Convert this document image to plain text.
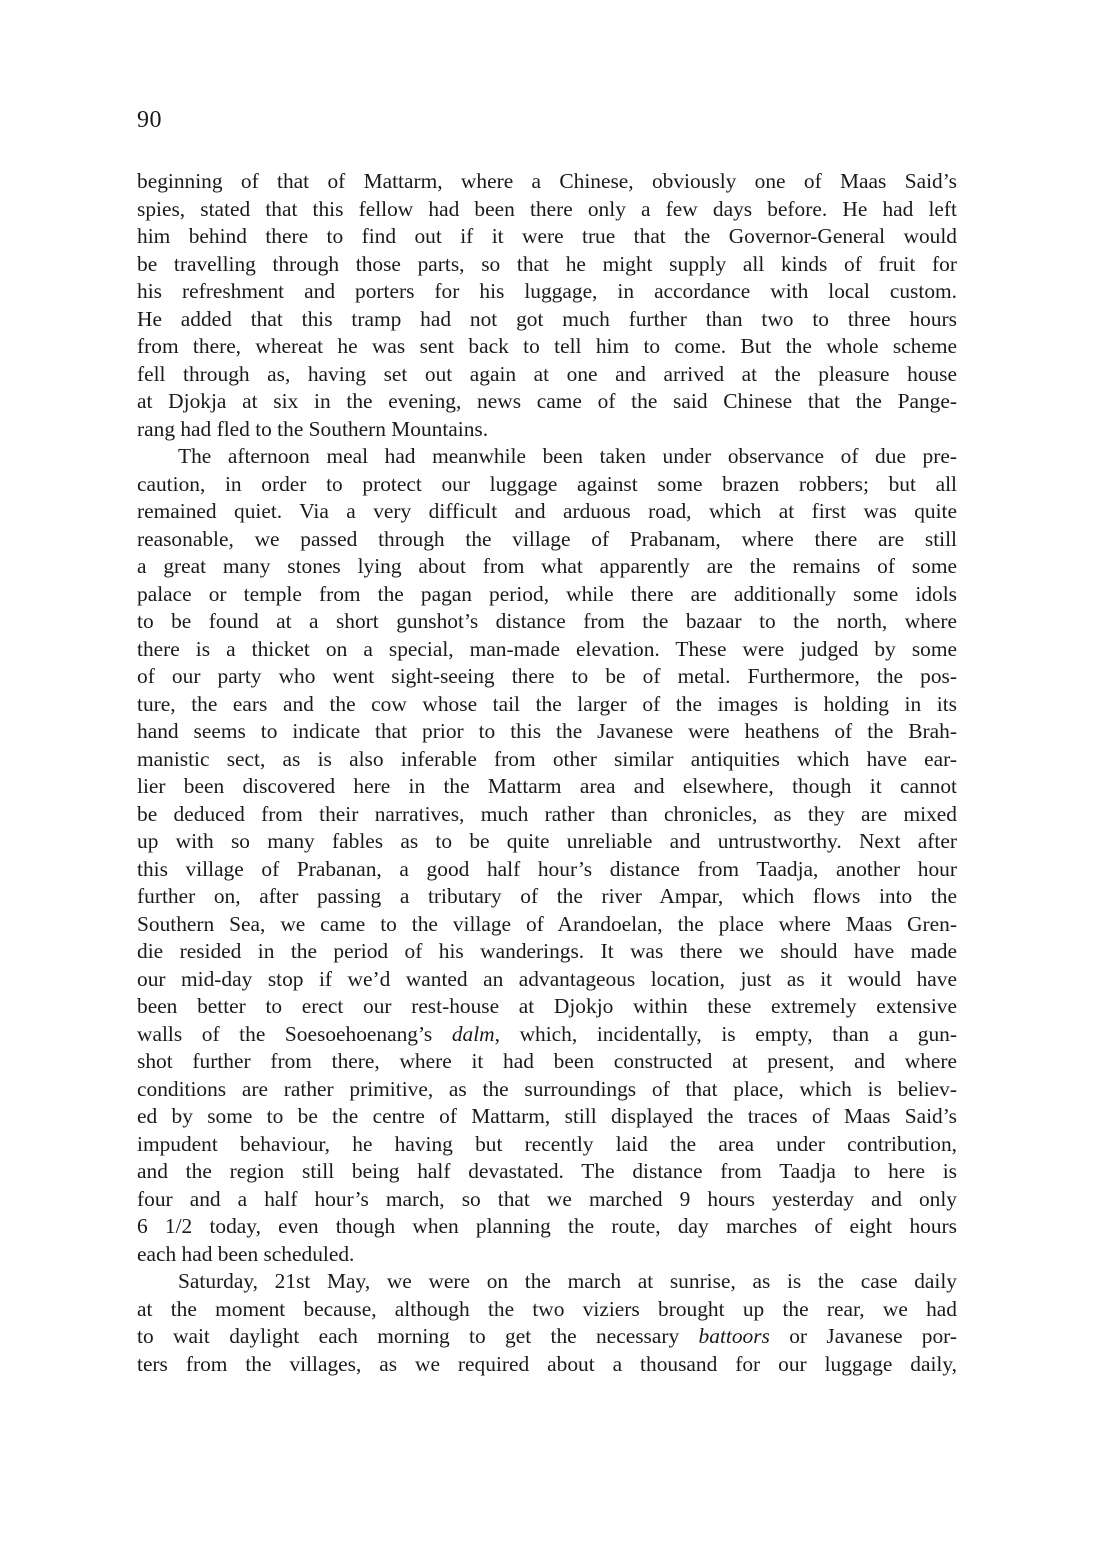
90
beginning of that of Mattarm, where a Chinese, obviously one of Maas Said’s
spies, stated that this fellow had been there only a few days before. He had left
him behind there to find out if it were true that the Governor-General would
be travelling through those parts, so that he might supply all kinds of fruit for
his refreshment and porters for his luggage, in accordance with local custom.
He added that this tramp had not got much further than two to three hours
from there, whereat he was sent back to tell him to come. But the whole scheme
fell through as, having set out again at one and arrived at the pleasure house
at Djokja at six in the evening, news came of the said Chinese that the Pange-
rang had fled to the Southern Mountains.
The afternoon meal had meanwhile been taken under observance of due pre-
caution, in order to protect our luggage against some brazen robbers; but all
remained quiet. Via a very difficult and arduous road, which at first was quite
reasonable, we passed through the village of Prabanam, where there are still
a great many stones lying about from what apparently are the remains of some
palace or temple from the pagan period, while there are additionally some idols
to be found at a short gunshot’s distance from the bazaar to the north, where
there is a thicket on a special, man-made elevation. These were judged by some
of our party who went sight-seeing there to be of metal. Furthermore, the pos-
ture, the ears and the cow whose tail the larger of the images is holding in its
hand seems to indicate that prior to this the Javanese were heathens of the Brah-
manistic sect, as is also inferable from other similar antiquities which have ear-
lier been discovered here in the Mattarm area and elsewhere, though it cannot
be deduced from their narratives, much rather than chronicles, as they are mixed
up with so many fables as to be quite unreliable and untrustworthy. Next after
this village of Prabanan, a good half hour’s distance from Taadja, another hour
further on, after passing a tributary of the river Ampar, which flows into the
Southern Sea, we came to the village of Arandoelan, the place where Maas Gren-
die resided in the period of his wanderings. It was there we should have made
our mid-day stop if we’d wanted an advantageous location, just as it would have
been better to erect our rest-house at Djokjo within these extremely extensive
walls of the Soesoehoenang’s dalm, which, incidentally, is empty, than a gun-
shot further from there, where it had been constructed at present, and where
conditions are rather primitive, as the surroundings of that place, which is believ-
ed by some to be the centre of Mattarm, still displayed the traces of Maas Said’s
impudent behaviour, he having but recently laid the area under contribution,
and the region still being half devastated. The distance from Taadja to here is
four and a half hour’s march, so that we marched 9 hours yesterday and only
6 1/2 today, even though when planning the route, day marches of eight hours
each had been scheduled.
Saturday, 21st May, we were on the march at sunrise, as is the case daily
at the moment because, although the two viziers brought up the rear, we had
to wait daylight each morning to get the necessary battoors or Javanese por-
ters from the villages, as we required about a thousand for our luggage daily,
